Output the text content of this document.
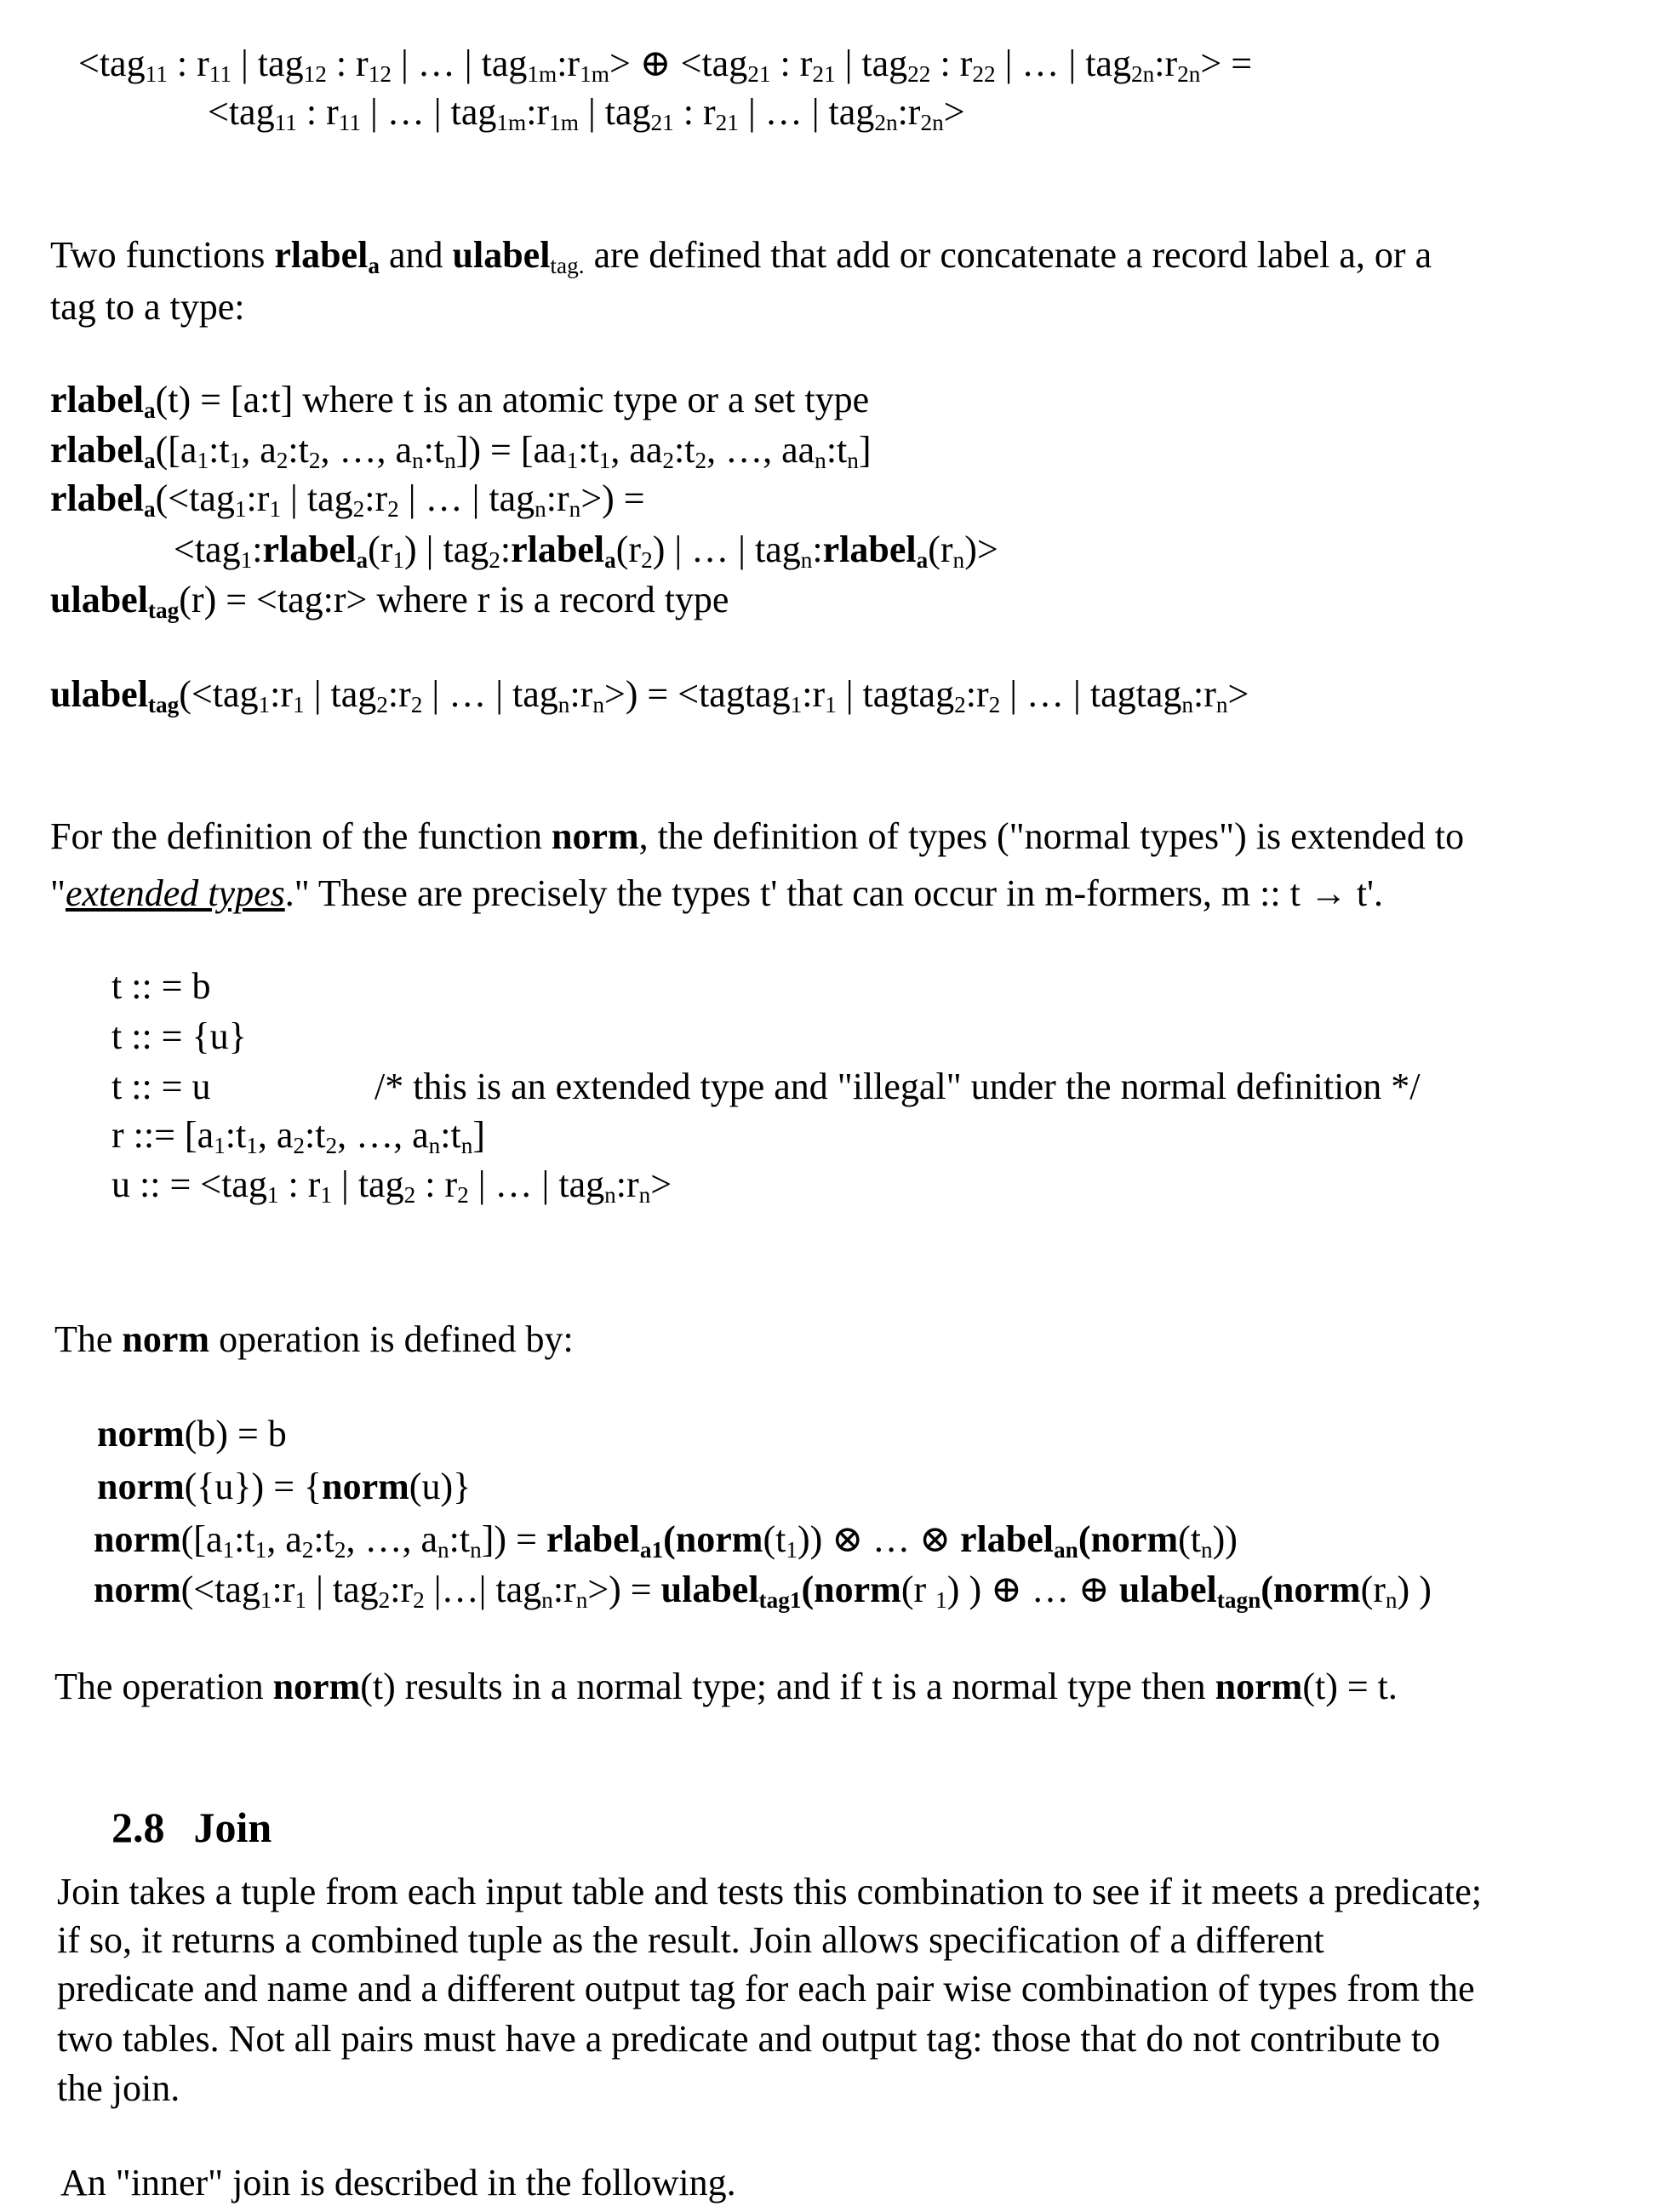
<tag11 : r11 | tag12 : r12 | … | tag1m:r1m> ⊕ <tag21 : r21 | tag22 : r22 | … | tag2n:r2n> =
<tag11 : r11 | … | tag1m:r1m | tag21 : r21 | … | tag2n:r2n>
Two functions rlabela and ulabeltag. are defined that add or concatenate a record label a, or a
tag to a type:
rlabela(t) = [a:t] where t is an atomic type or a set type
rlabela([a1:t1, a2:t2, …, an:tn]) = [aa1:t1, aa2:t2, …, aan:tn]
rlabela(<tag1:r1 | tag2:r2 | … | tagn:rn>) =
<tag1:rlabela(r1) | tag2:rlabela(r2) | … | tagn:rlabela(rn)>
ulabeltag(r) = <tag:r> where r is a record type
ulabeltag(<tag1:r1 | tag2:r2 | … | tagn:rn>) = <tagtag1:r1 | tagtag2:r2 | … | tagtagn:rn>
For the definition of the function norm, the definition of types ("normal types") is extended to
"extended types." These are precisely the types t' that can occur in m-formers, m :: t → t'.
t :: = b
t :: = {u}
t :: = u	/* this is an extended type and "illegal" under the normal definition */
r ::= [a1:t1, a2:t2, …, an:tn]
u :: = <tag1 : r1 | tag2 : r2 | … | tagn:rn>
The norm operation is defined by:
norm(b) = b
norm({u}) = {norm(u)}
norm([a1:t1, a2:t2, …, an:tn]) = rlabela1(norm(t1)) ⊗ … ⊗ rlabelan(norm(tn))
norm(<tag1:r1 | tag2:r2 |…| tagn:rn>) = ulabeltag1(norm(r 1) ) ⊕ … ⊕ ulabeltagn(norm(rn) )
The operation norm(t) results in a normal type; and if t is a normal type then norm(t) = t.
2.8 Join
Join takes a tuple from each input table and tests this combination to see if it meets a predicate;
if so, it returns a combined tuple as the result. Join allows specification of a different
predicate and name and a different output tag for each pair wise combination of types from the
two tables. Not all pairs must have a predicate and output tag: those that do not contribute to
the join.
An "inner" join is described in the following.
